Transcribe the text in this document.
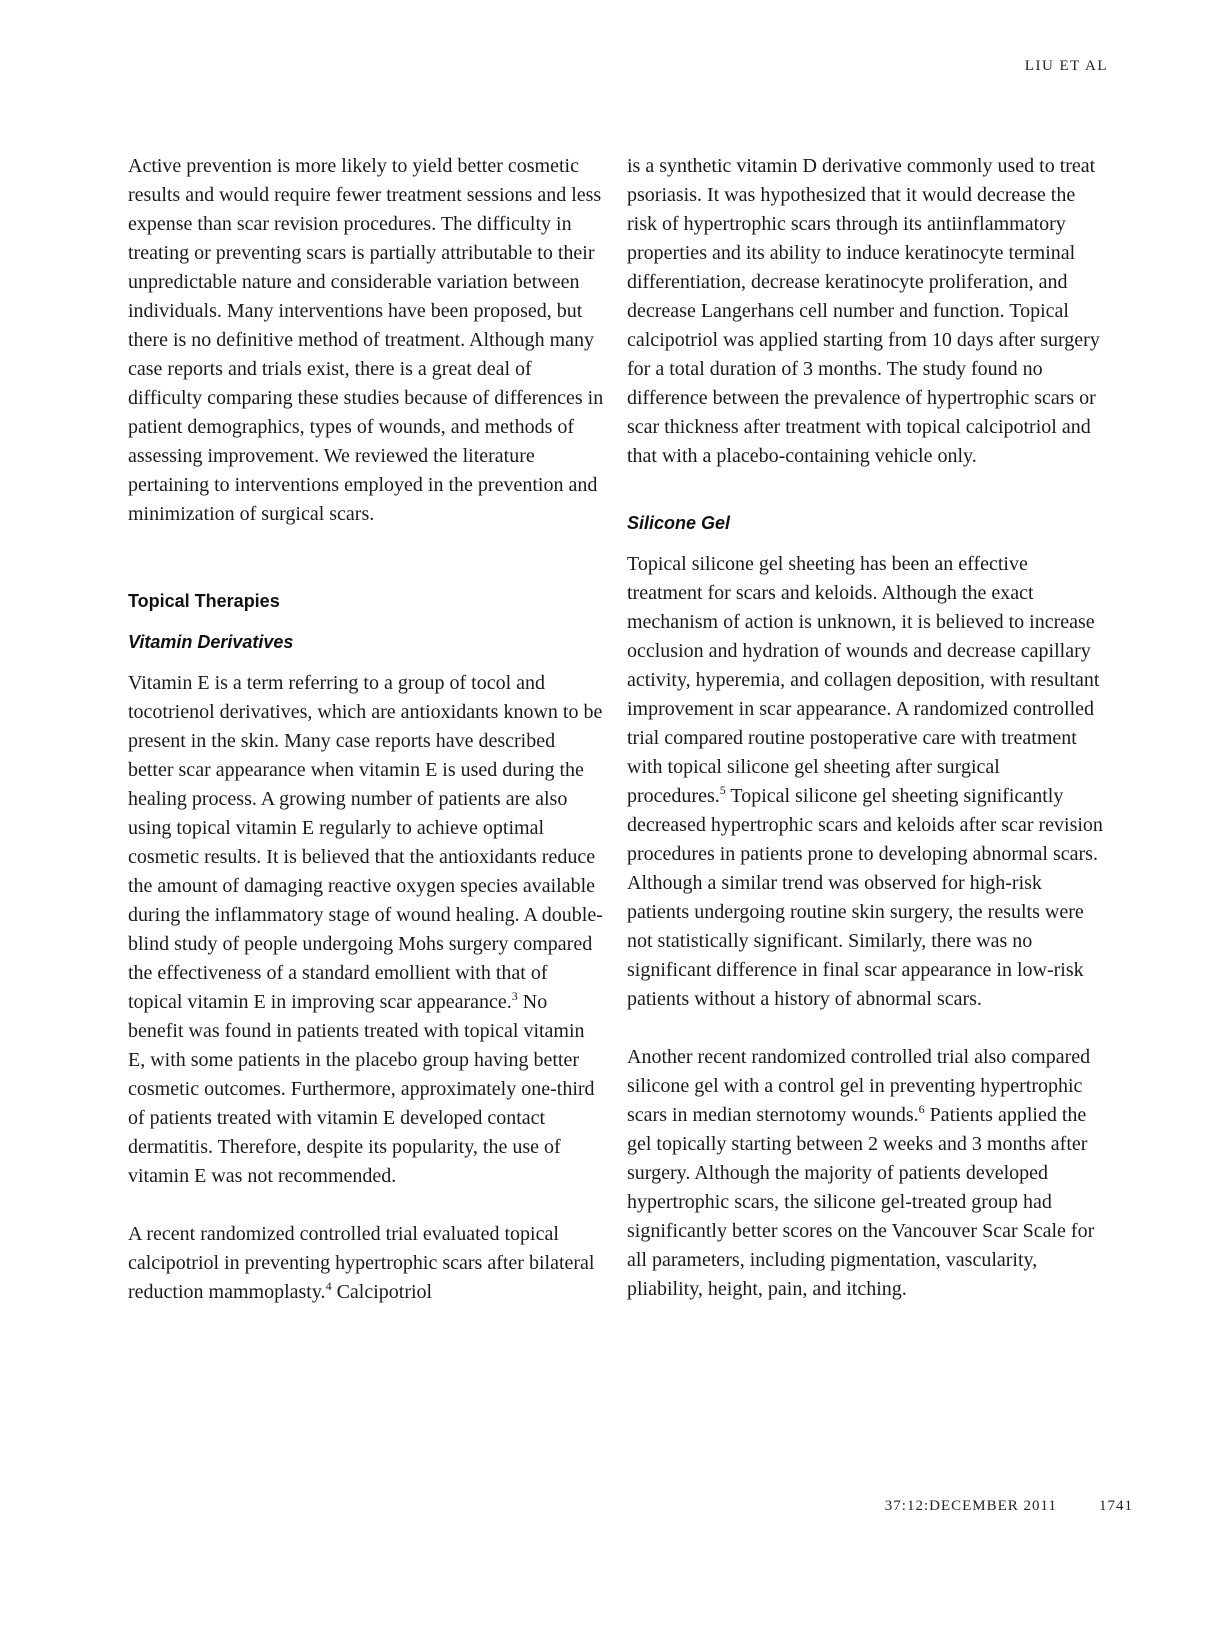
LIU ET AL

Active prevention is more likely to yield better cosmetic results and would require fewer treatment sessions and less expense than scar revision procedures. The difficulty in treating or preventing scars is partially attributable to their unpredictable nature and considerable variation between individuals. Many interventions have been proposed, but there is no definitive method of treatment. Although many case reports and trials exist, there is a great deal of difficulty comparing these studies because of differences in patient demographics, types of wounds, and methods of assessing improvement. We reviewed the literature pertaining to interventions employed in the prevention and minimization of surgical scars.

Topical Therapies
Vitamin Derivatives

Vitamin E is a term referring to a group of tocol and tocotrienol derivatives, which are antioxidants known to be present in the skin. Many case reports have described better scar appearance when vitamin E is used during the healing process. A growing number of patients are also using topical vitamin E regularly to achieve optimal cosmetic results. It is believed that the antioxidants reduce the amount of damaging reactive oxygen species available during the inflammatory stage of wound healing. A double-blind study of people undergoing Mohs surgery compared the effectiveness of a standard emollient with that of topical vitamin E in improving scar appearance.$^3$ No benefit was found in patients treated with topical vitamin E, with some patients in the placebo group having better cosmetic outcomes. Furthermore, approximately one-third of patients treated with vitamin E developed contact dermatitis. Therefore, despite its popularity, the use of vitamin E was not recommended.

A recent randomized controlled trial evaluated topical calcipotriol in preventing hypertrophic scars after bilateral reduction mammoplasty.$^4$ Calcipotriol

is a synthetic vitamin D derivative commonly used to treat psoriasis. It was hypothesized that it would decrease the risk of hypertrophic scars through its antiinflammatory properties and its ability to induce keratinocyte terminal differentiation, decrease keratinocyte proliferation, and decrease Langerhans cell number and function. Topical calcipotriol was applied starting from 10 days after surgery for a total duration of 3 months. The study found no difference between the prevalence of hypertrophic scars or scar thickness after treatment with topical calcipotriol and that with a placebo-containing vehicle only.

Silicone Gel

Topical silicone gel sheeting has been an effective treatment for scars and keloids. Although the exact mechanism of action is unknown, it is believed to increase occlusion and hydration of wounds and decrease capillary activity, hyperemia, and collagen deposition, with resultant improvement in scar appearance. A randomized controlled trial compared routine postoperative care with treatment with topical silicone gel sheeting after surgical procedures.$^5$ Topical silicone gel sheeting significantly decreased hypertrophic scars and keloids after scar revision procedures in patients prone to developing abnormal scars. Although a similar trend was observed for high-risk patients undergoing routine skin surgery, the results were not statistically significant. Similarly, there was no significant difference in final scar appearance in low-risk patients without a history of abnormal scars.

Another recent randomized controlled trial also compared silicone gel with a control gel in preventing hypertrophic scars in median sternotomy wounds.$^6$ Patients applied the gel topically starting between 2 weeks and 3 months after surgery. Although the majority of patients developed hypertrophic scars, the silicone gel-treated group had significantly better scores on the Vancouver Scar Scale for all parameters, including pigmentation, vascularity, pliability, height, pain, and itching.

37:12:DECEMBER 2011	1741
